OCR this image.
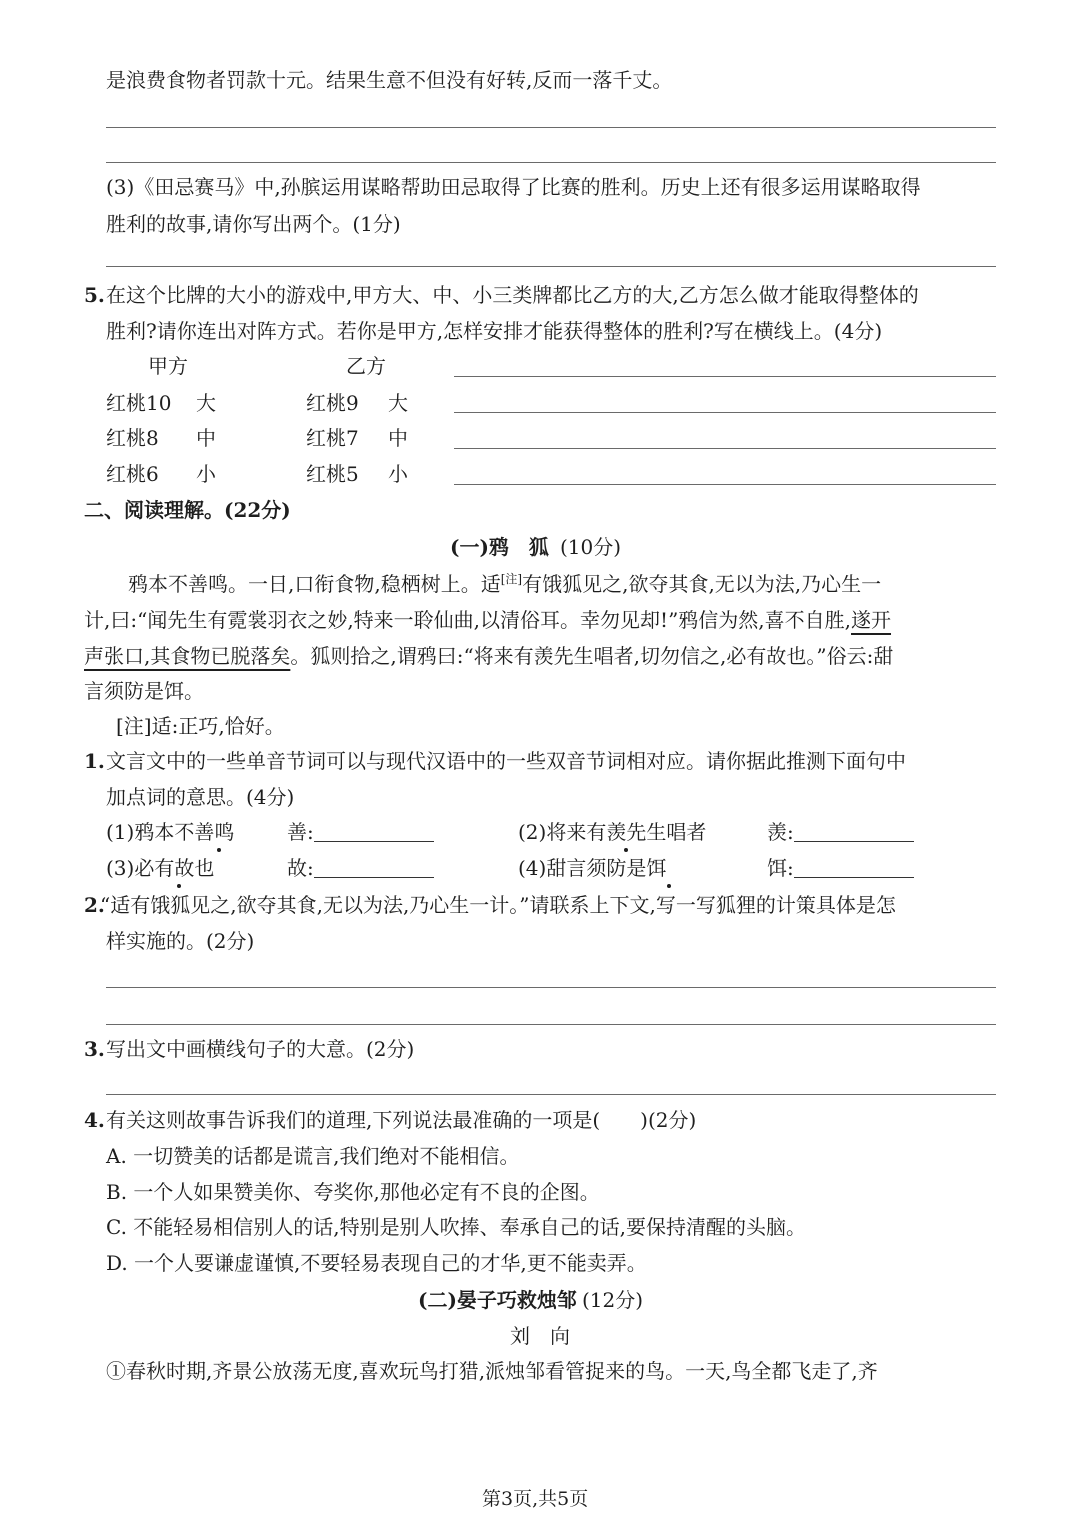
是浪费食物者罚款十元。结果生意不但没有好转,反而一落千丈。
(3)《田忌赛马》中,孙膑运用谋略帮助田忌取得了比赛的胜利。历史上还有很多运用谋略取得
胜利的故事,请你写出两个。(1分)
5. 在这个比牌的大小的游戏中,甲方大、中、小三类牌都比乙方的大,乙方怎么做才能取得整体的
胜利?请你连出对阵方式。若你是甲方,怎样安排才能获得整体的胜利?写在横线上。(4分)
甲方	乙方
红桃10 大	红桃9 大
红桃8 中	红桃7 中
红桃6 小	红桃5 小
二、阅读理解。(22分)
(一)鸦　狐 (10分)
鸦本不善鸣。一日,口衔食物,稳栖树上。适[注]有饿狐见之,欲夺其食,无以为法,乃心生一
计,曰:“闻先生有霓裳羽衣之妙,特来一聆仙曲,以清俗耳。幸勿见却!”鸦信为然,喜不自胜,遂开
声张口,其食物已脱落矣。狐则拾之,谓鸦曰:“将来有羡先生唱者,切勿信之,必有故也。”俗云:甜
言须防是饵。
[注]适:正巧,恰好。
1. 文言文中的一些单音节词可以与现代汉语中的一些双音节词相对应。请你据此推测下面句中
加点词的意思。(4分)
(1)鸦本不善鸣	善:	(2)将来有羡先生唱者	羡:
(3)必有故也	故:	(4)甜言须防是饵	饵:
2.
“适有饿狐见之,欲夺其食,无以为法,乃心生一计。”请联系上下文,写一写狐狸的计策具体是怎
样实施的。(2分)
3. 写出文中画横线句子的大意。(2分)
4. 有关这则故事告诉我们的道理,下列说法最准确的一项是(　　)(2分)
A. 一切赞美的话都是谎言,我们绝对不能相信。
B. 一个人如果赞美你、夸奖你,那他必定有不良的企图。
C. 不能轻易相信别人的话,特别是别人吹捧、奉承自己的话,要保持清醒的头脑。
D. 一个人要谦虚谨慎,不要轻易表现自己的才华,更不能卖弄。
(二)晏子巧救烛邹 (12分)
刘　向
①春秋时期,齐景公放荡无度,喜欢玩鸟打猎,派烛邹看管捉来的鸟。一天,鸟全都飞走了,齐
第3页,共5页
